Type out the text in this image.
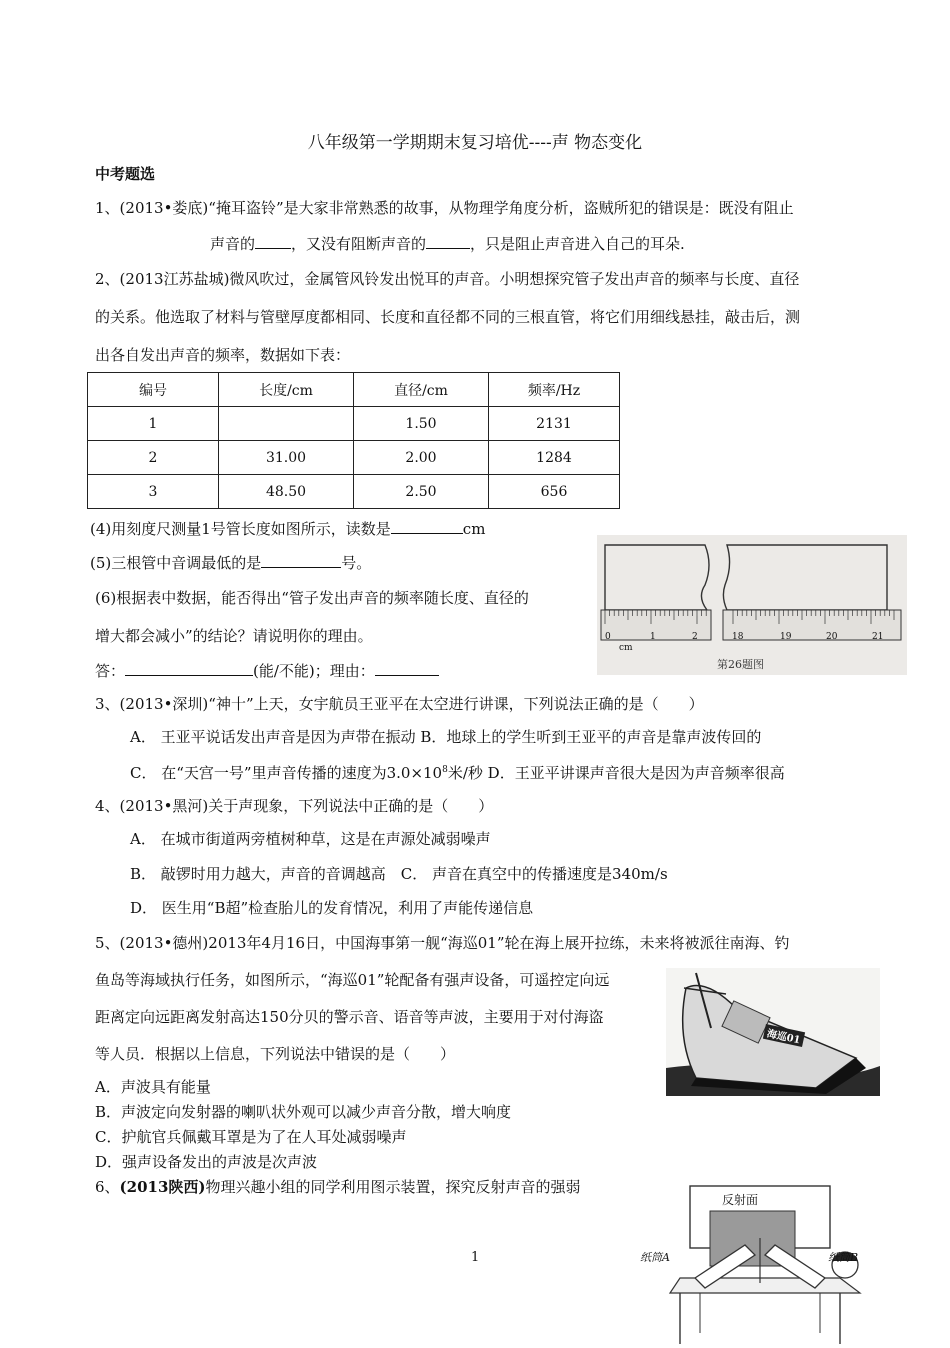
八年级第一学期期末复习培优----声 物态变化
中考题选
1、(2013•娄底)“掩耳盗铃”是大家非常熟悉的故事，从物理学角度分析，盗贼所犯的错误是：既没有阻止
声音的 ，又没有阻断声音的	，只是阻止声音进入自己的耳朵.
2、(2013江苏盐城)微风吹过，金属管风铃发出悦耳的声音。小明想探究管子发出声音的频率与长度、直径
的关系。他选取了材料与管壁厚度都相同、长度和直径都不同的三根直管，将它们用细线悬挂，敲击后，测
出各自发出声音的频率，数据如下表：
编号	长度/cm	直径/cm	频率/Hz
1		1.50	2131
2	31.00	2.00	1284
3	48.50	2.50	656
(4)用刻度尺测量1号管长度如图所示，读数是	cm
(5)三根管中音调最低的是	号。
(6)根据表中数据，能否得出“管子发出声音的频率随长度、直径的
增大都会减小”的结论？请说明你的理由。
答：	(能/不能)；理由：
0	1	2	18	19	20	21
cm
第26题图
3、(2013•深圳)“神十”上天，女宇航员王亚平在太空进行讲课，下列说法正确的是（　　）
A． 王亚平说话发出声音是因为声带在振动 B．地球上的学生听到王亚平的声音是靠声波传回的
C． 在“天宫一号”里声音传播的速度为$3.0\times 10^8$米/秒 D．王亚平讲课声音很大是因为声音频率很高
4、(2013•黑河)关于声现象，下列说法中正确的是（　　）
A． 在城市街道两旁植树种草，这是在声源处减弱噪声
B． 敲锣时用力越大，声音的音调越高　C． 声音在真空中的传播速度是340m/s
D． 医生用“B超”检查胎儿的发育情况，利用了声能传递信息
5、(2013•德州)2013年4月16日，中国海事第一舰“海巡01”轮在海上展开拉练，未来将被派往南海、钓
鱼岛等海域执行任务，如图所示，“海巡01”轮配备有强声设备，可遥控定向远
距离定向远距离发射高达150分贝的警示音、语音等声波，主要用于对付海盗
等人员．根据以上信息，下列说法中错误的是（　　）
A．声波具有能量
B．声波定向发射器的喇叭状外观可以减少声音分散，增大响度
C．护航官兵佩戴耳罩是为了在人耳处减弱噪声
D．强声设备发出的声波是次声波
海巡01
6、(2013陕西)物理兴趣小组的同学利用图示装置，探究反射声音的强弱
反射面
纸筒A	纸筒B
1
